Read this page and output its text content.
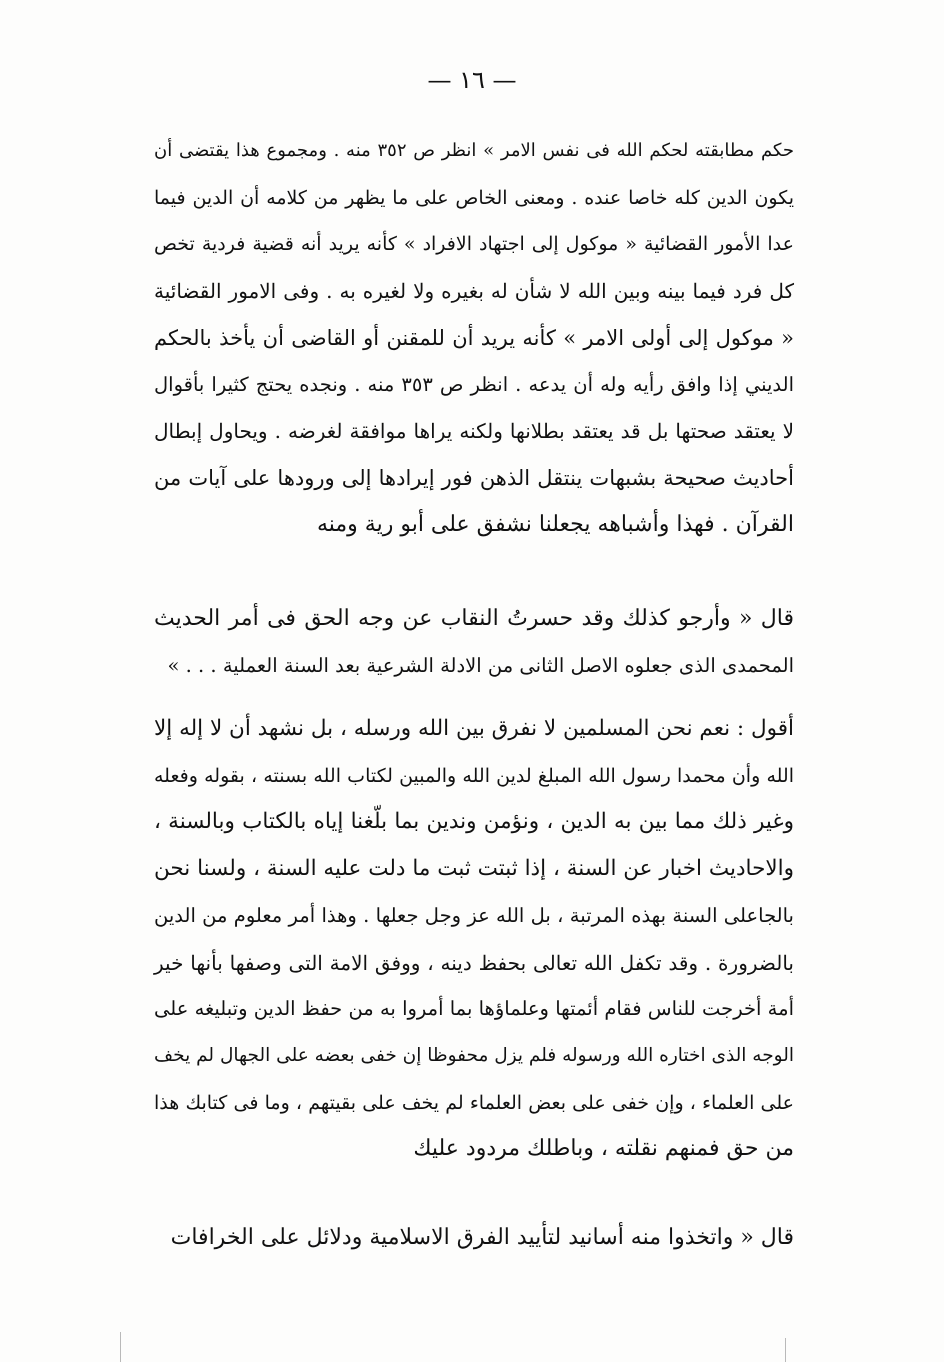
— ١٦ —

حكم مطابقته لحكم الله فى نفس الامر » انظر ص ٣٥٢ منه . ومجموع هذا يقتضى أن
يكون الدين كله خاصا عنده . ومعنى الخاص على ما يظهر من كلامه أن الدين فيما
عدا الأمور القضائية « موكول إلى اجتهاد الافراد » كأنه يريد أنه قضية فردية تخص
كل فرد فيما بينه وبين الله لا شأن له بغيره ولا لغيره به . وفى الامور القضائية
« موكول إلى أولى الامر » كأنه يريد أن للمقنن أو القاضى أن يأخذ بالحكم
الديني إذا وافق رأيه وله أن يدعه . انظر ص ٣٥٣ منه . ونجده يحتج كثيرا بأقوال
لا يعتقد صحتها بل قد يعتقد بطلانها ولكنه يراها موافقة لغرضه . ويحاول إبطال
أحاديث صحيحة بشبهات ينتقل الذهن فور إيرادها إلى ورودها على آيات من
القرآن . فهذا وأشباهه يجعلنا نشفق على أبو رية ومنه

قال « وأرجو كذلك وقد حسرتُ النقاب عن وجه الحق فى أمر الحديث
المحمدى الذى جعلوه الاصل الثانى من الادلة الشرعية بعد السنة العملية . . . »

أقول : نعم نحن المسلمين لا نفرق بين الله ورسله ، بل نشهد أن لا إله إلا
الله وأن محمدا رسول الله المبلغ لدين الله والمبين لكتاب الله بسنته ، بقوله وفعله
وغير ذلك مما بين به الدين ، ونؤمن وندين بما بلّغنا إياه بالكتاب وبالسنة ،
والاحاديث اخبار عن السنة ، إذا ثبتت ثبت ما دلت عليه السنة ، ولسنا نحن
بالجاعلى السنة بهذه المرتبة ، بل الله عز وجل جعلها . وهذا أمر معلوم من الدين
بالضرورة . وقد تكفل الله تعالى بحفظ دينه ، ووفق الامة التى وصفها بأنها خير
أمة أخرجت للناس فقام أئمتها وعلماؤها بما أمروا به من حفظ الدين وتبليغه على
الوجه الذى اختاره الله ورسوله فلم يزل محفوظا إن خفى بعضه على الجهال لم يخف
على العلماء ، وإن خفى على بعض العلماء لم يخف على بقيتهم ، وما فى كتابك هذا
من حق فمنهم نقلته ، وباطلك مردود عليك

قال « واتخذوا منه أسانيد لتأييد الفرق الاسلامية ودلائل على الخرافات
